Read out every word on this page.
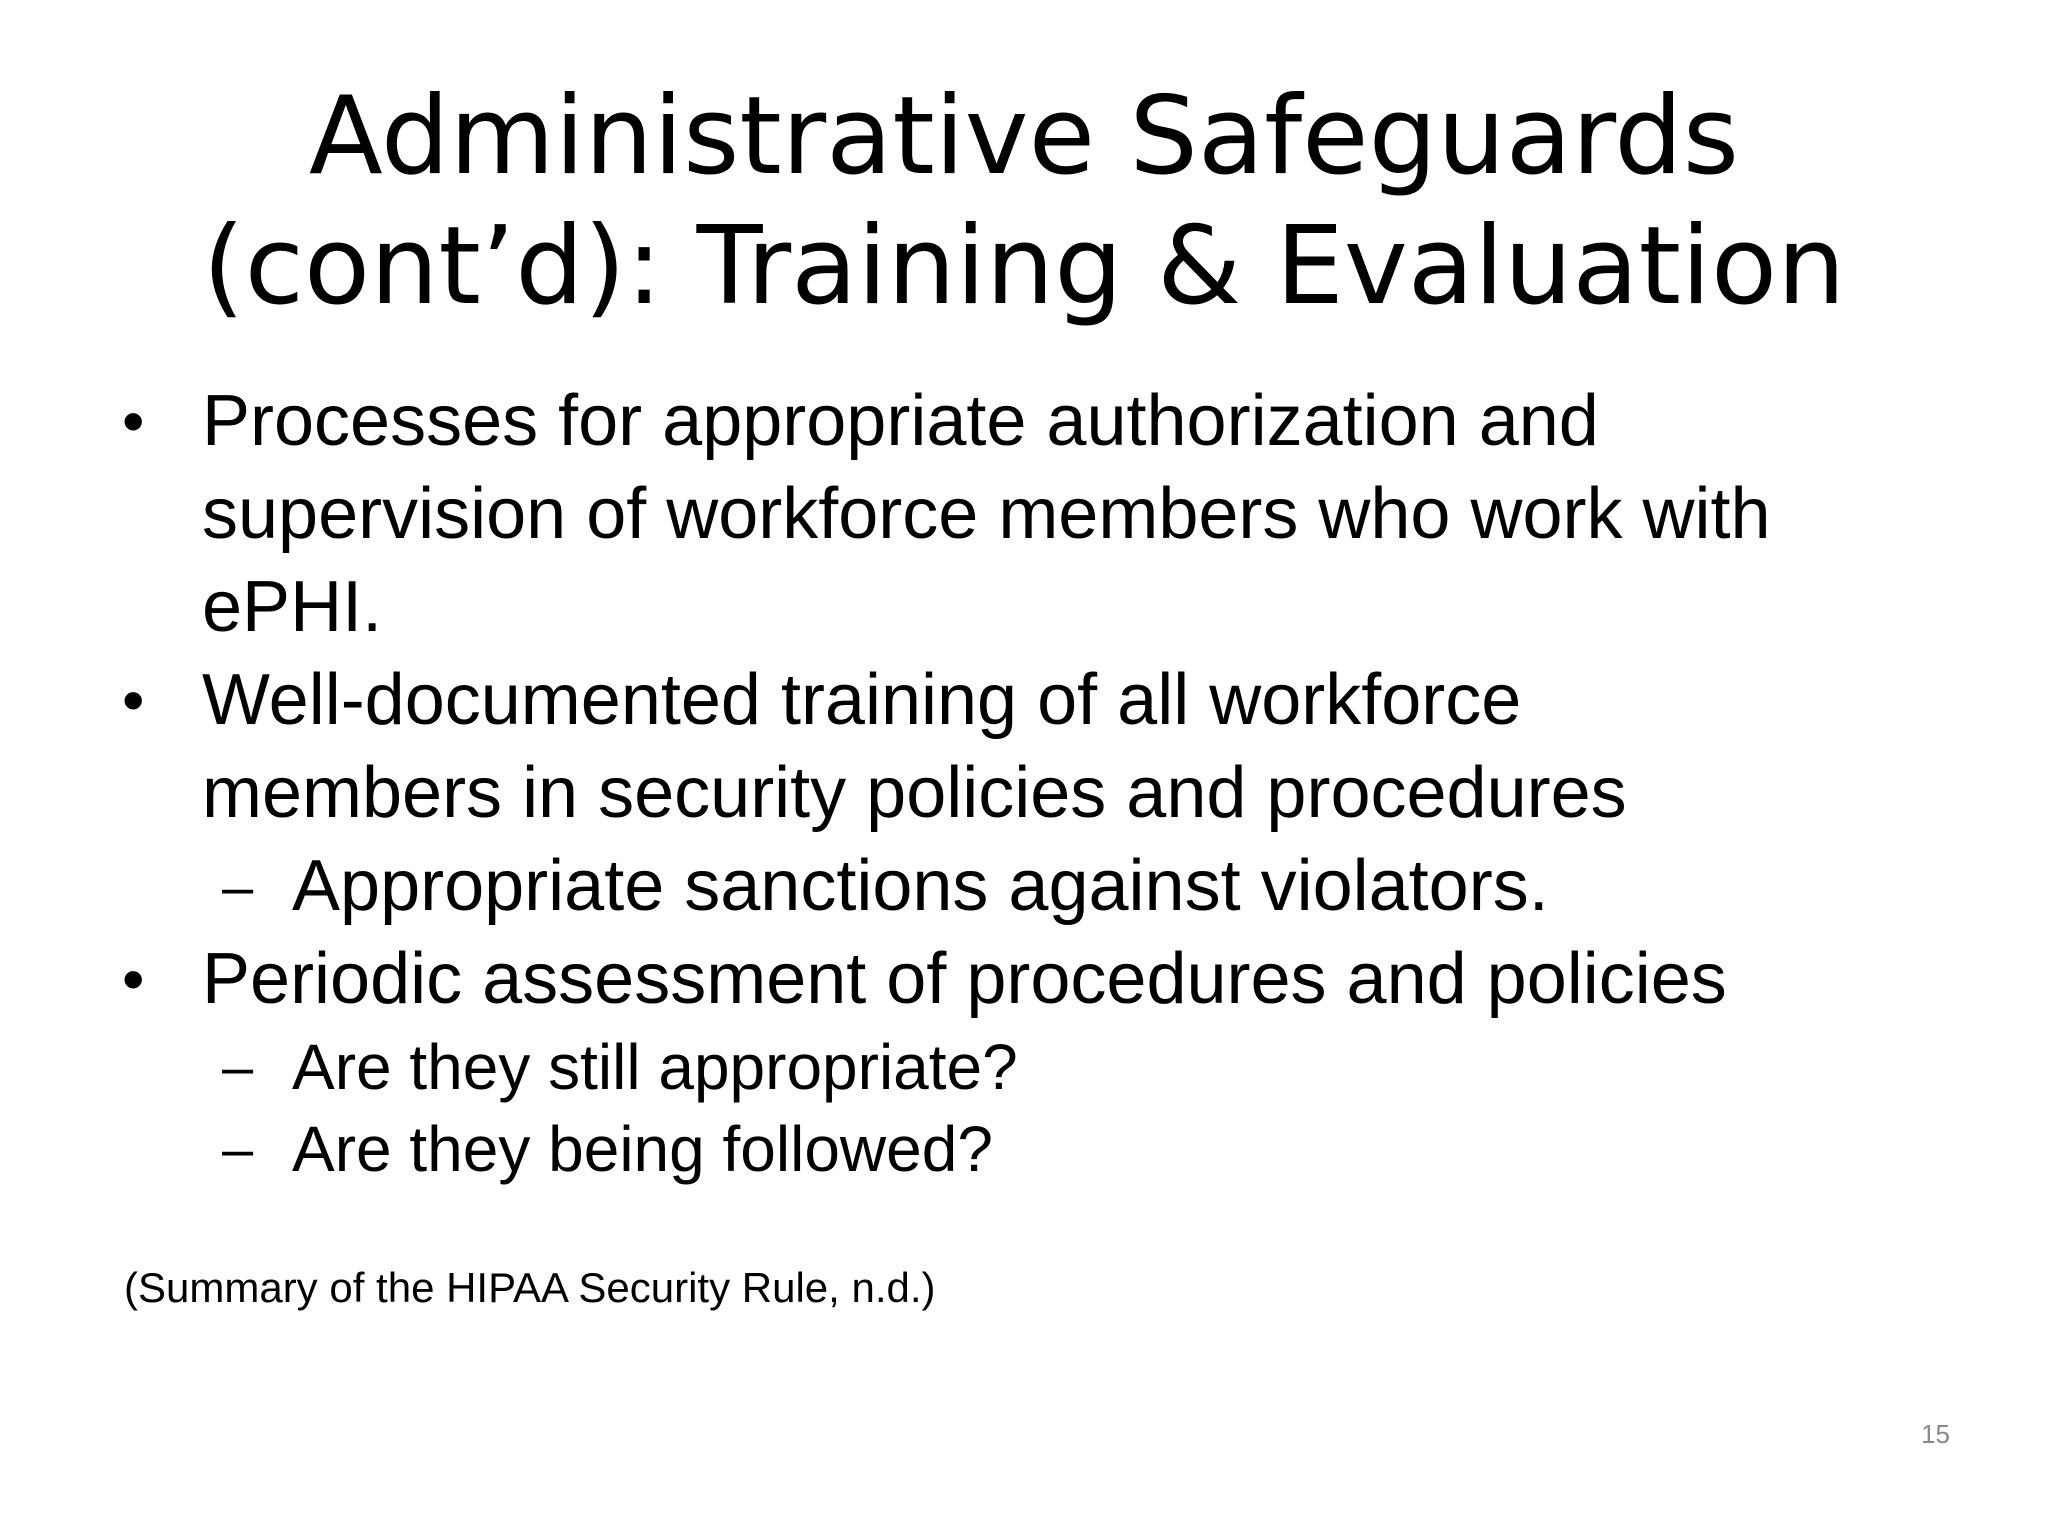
Administrative Safeguards
(cont’d): Training & Evaluation
• Processes for appropriate authorization and
supervision of workforce members who work with
ePHI.
• Well-documented training of all workforce
members in security policies and procedures
– Appropriate sanctions against violators.
• Periodic assessment of procedures and policies
– Are they still appropriate?
– Are they being followed?
(Summary of the HIPAA Security Rule, n.d.)
15
